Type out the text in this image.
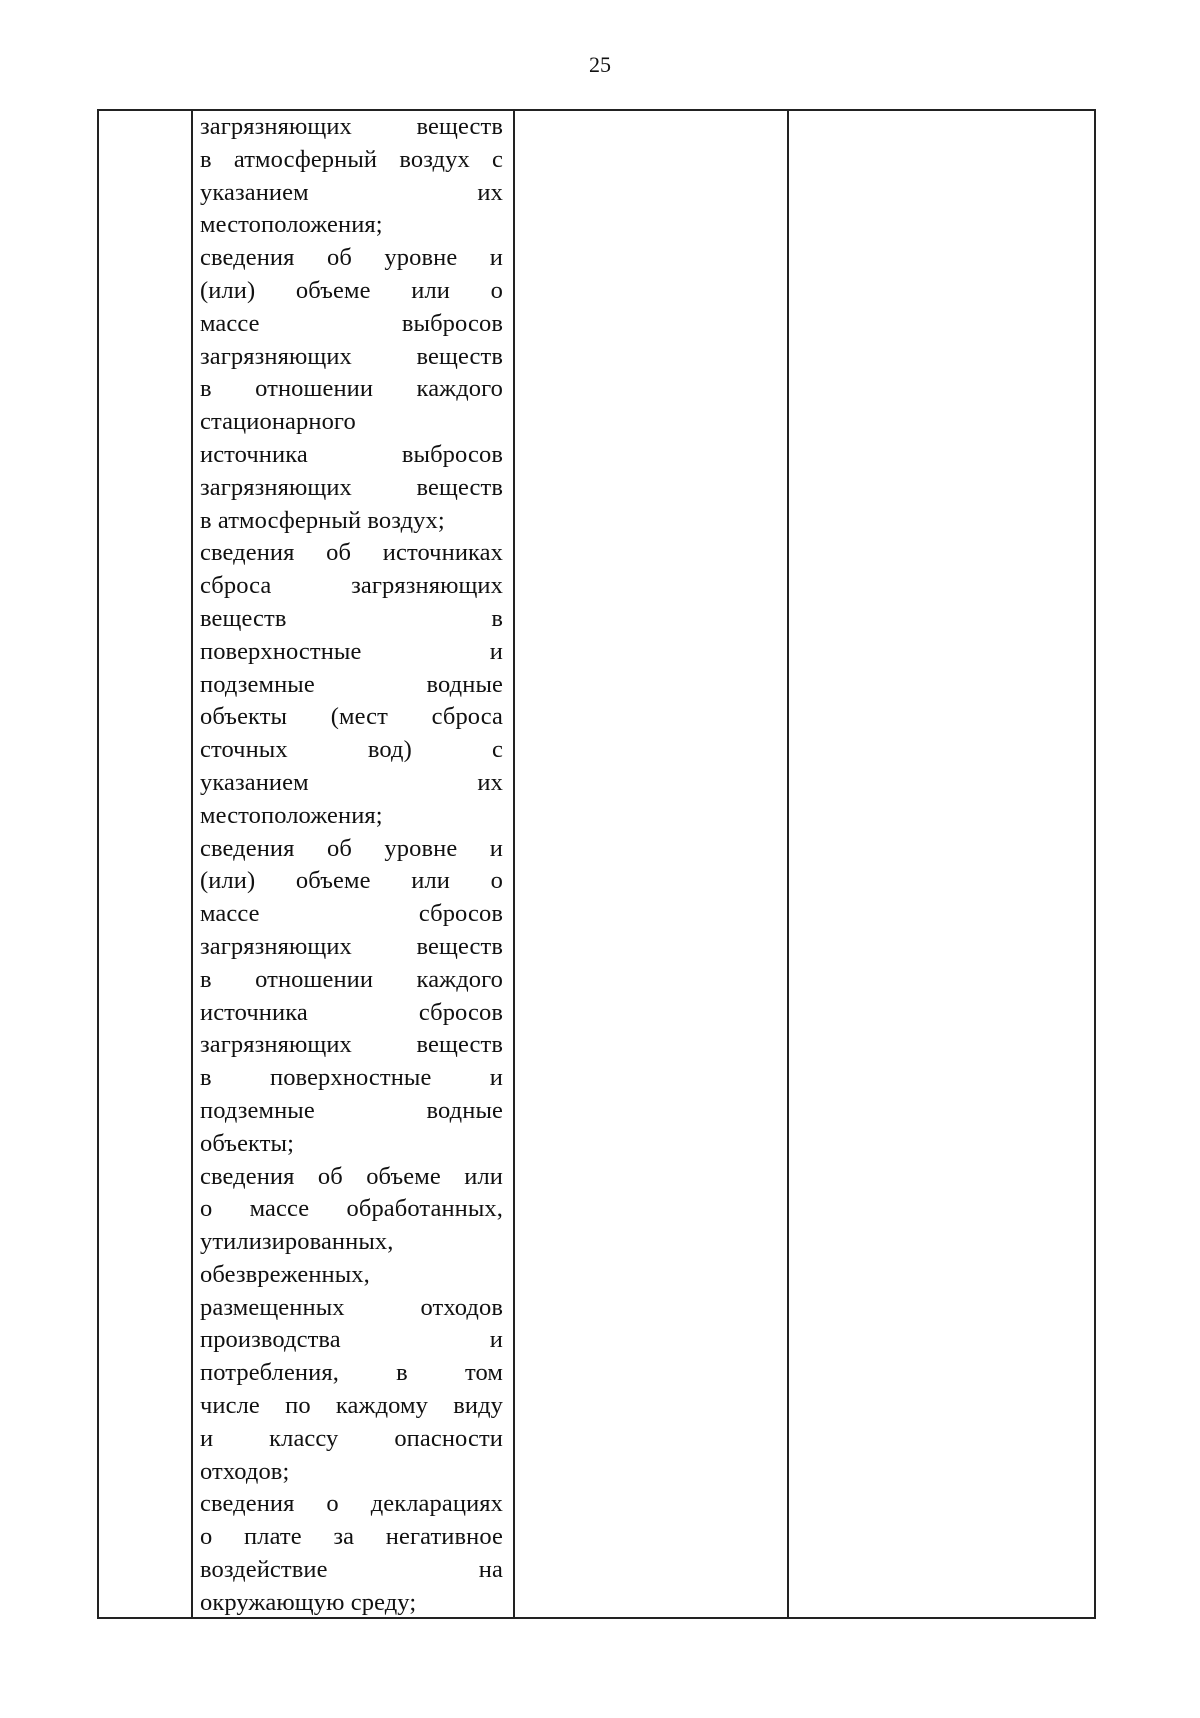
25
загрязняющих веществ
в атмосферный воздух с
указанием их
местоположения;
сведения об уровне и
(или) объеме или о
массе выбросов
загрязняющих веществ
в отношении каждого
стационарного
источника выбросов
загрязняющих веществ
в атмосферный воздух;
сведения об источниках
сброса загрязняющих
веществ в
поверхностные и
подземные водные
объекты (мест сброса
сточных вод) с
указанием их
местоположения;
сведения об уровне и
(или) объеме или о
массе сбросов
загрязняющих веществ
в отношении каждого
источника сбросов
загрязняющих веществ
в поверхностные и
подземные водные
объекты;
сведения об объеме или
о массе обработанных,
утилизированных,
обезвреженных,
размещенных отходов
производства и
потребления, в том
числе по каждому виду
и классу опасности
отходов;
сведения о декларациях
о плате за негативное
воздействие на
окружающую среду;
